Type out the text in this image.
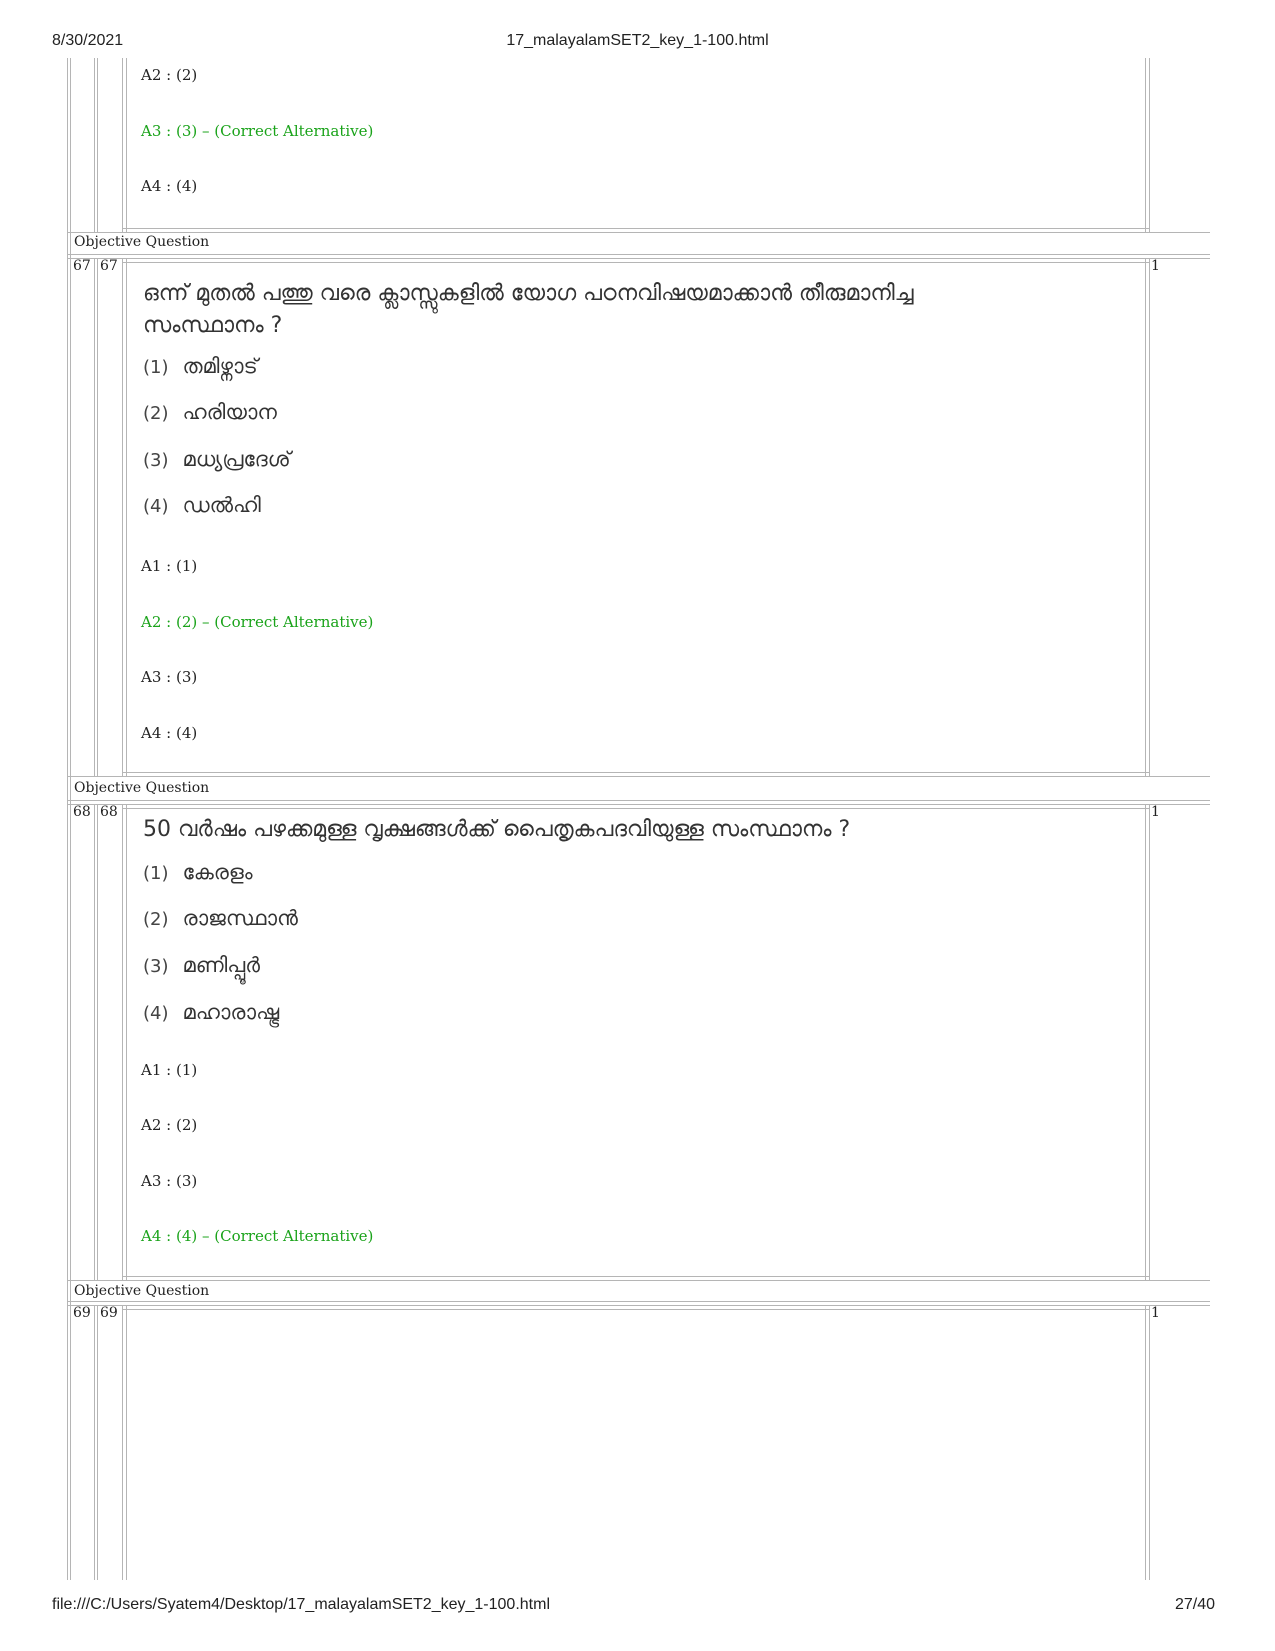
8/30/2021	17_malayalamSET2_key_1-100.html
file:///C:/Users/Syatem4/Desktop/17_malayalamSET2_key_1-100.html	27/40
A2 : (2)
A3 : (3) – (Correct Alternative)
A4 : (4)
Objective Question
67 67	1
ഒന്ന് മുതൽ പത്തു വരെ ക്ലാസ്സുകളിൽ യോഗ പഠനവിഷയമാക്കാൻ തീരുമാനിച്ച
സംസ്ഥാനം ?
(1) തമിഴ്നാട്
(2) ഹരിയാന
(3) മധ്യപ്രദേശ്
(4) ഡൽഹി
A1 : (1)
A2 : (2) – (Correct Alternative)
A3 : (3)
A4 : (4)
Objective Question
68 68	1
50 വർഷം പഴക്കമുള്ള വൃക്ഷങ്ങൾക്ക് പൈതൃകപദവിയുള്ള സംസ്ഥാനം ?
(1) കേരളം
(2) രാജസ്ഥാൻ
(3) മണിപ്പൂർ
(4) മഹാരാഷ്ട്ര
A1 : (1)
A2 : (2)
A3 : (3)
A4 : (4) – (Correct Alternative)
Objective Question
69 69	1
